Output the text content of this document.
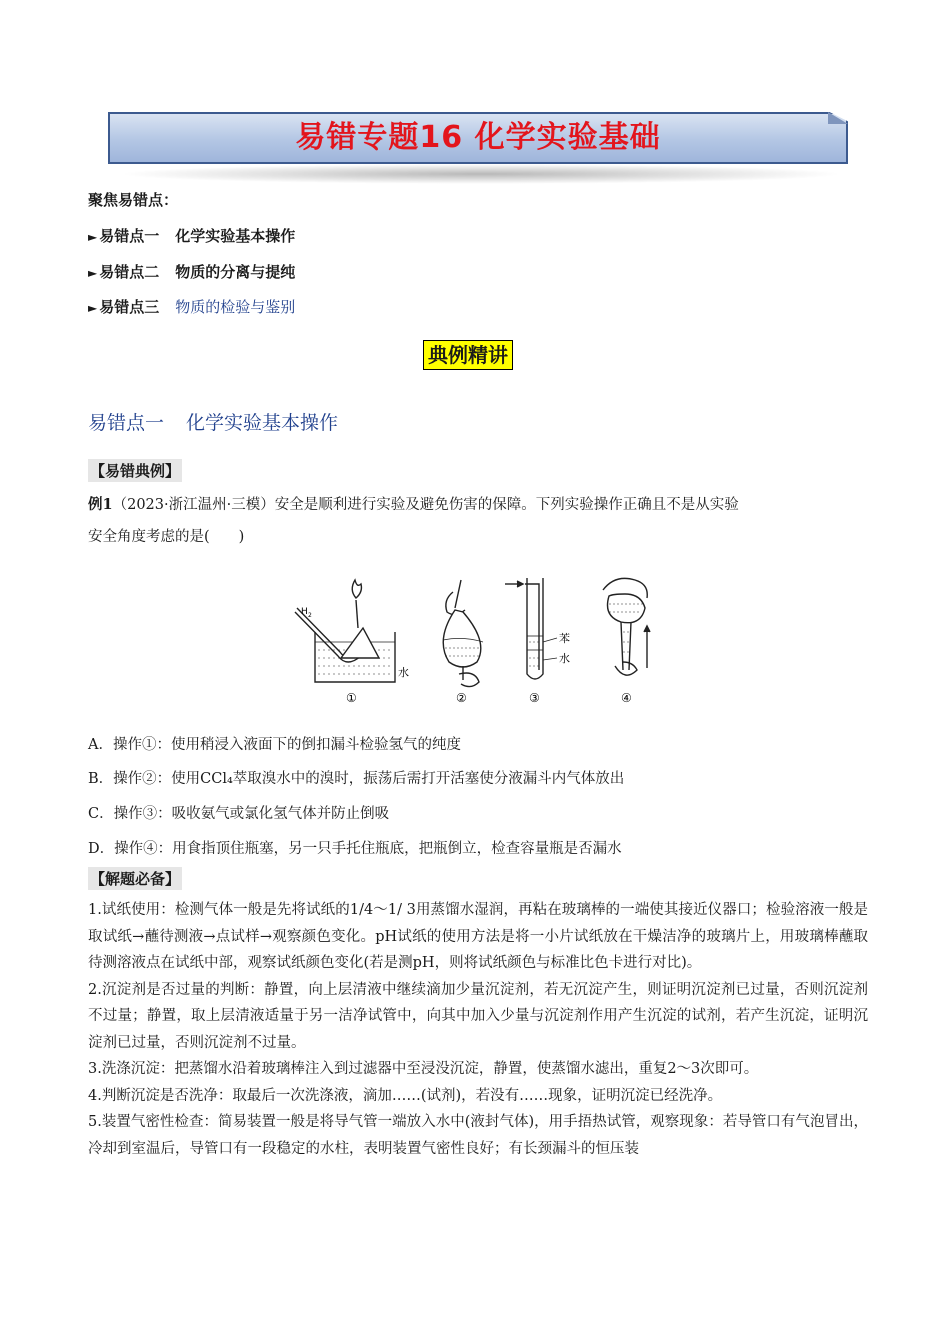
易错专题16 化学实验基础
聚焦易错点：
► 易错点一 化学实验基本操作
► 易错点二 物质的分离与提纯
► 易错点三 物质的检验与鉴别
典例精讲
易错点一 化学实验基本操作
【易错典例】
例1（2023·浙江温州·三模）安全是顺利进行实验及避免伤害的保障。下列实验操作正确且不是从实验
安全角度考虑的是(　　)
H 2
水
①	②
苯
水
③	④
A．操作①：使用稍浸入液面下的倒扣漏斗检验氢气的纯度
B．操作②：使用CCl₄萃取溴水中的溴时，振荡后需打开活塞使分液漏斗内气体放出
C．操作③：吸收氨气或氯化氢气体并防止倒吸
D．操作④：用食指顶住瓶塞，另一只手托住瓶底，把瓶倒立，检查容量瓶是否漏水
【解题必备】

1.试纸使用：检测气体一般是先将试纸的1/4～1/ 3用蒸馏水湿润，再粘在玻璃棒的一端使其接近仪器口；检验溶液一般是取试纸→蘸待测液→点试样→观察颜色变化。pH试纸的使用方法是将一小片试纸放在干燥洁净的玻璃片上，用玻璃棒蘸取待测溶液点在试纸中部，观察试纸颜色变化(若是测pH，则将试纸颜色与标准比色卡进行对比)。

2.沉淀剂是否过量的判断：静置，向上层清液中继续滴加少量沉淀剂，若无沉淀产生，则证明沉淀剂已过量，否则沉淀剂不过量；静置，取上层清液适量于另一洁净试管中，向其中加入少量与沉淀剂作用产生沉淀的试剂，若产生沉淀，证明沉淀剂已过量，否则沉淀剂不过量。

3.洗涤沉淀：把蒸馏水沿着玻璃棒注入到过滤器中至浸没沉淀，静置，使蒸馏水滤出，重复2～3次即可。

4.判断沉淀是否洗净：取最后一次洗涤液，滴加……(试剂)，若没有……现象，证明沉淀已经洗净。

5.装置气密性检查：简易装置一般是将导气管一端放入水中(液封气体)，用手捂热试管，观察现象：若导管口有气泡冒出，冷却到室温后，导管口有一段稳定的水柱，表明装置气密性良好；有长颈漏斗的恒压装
